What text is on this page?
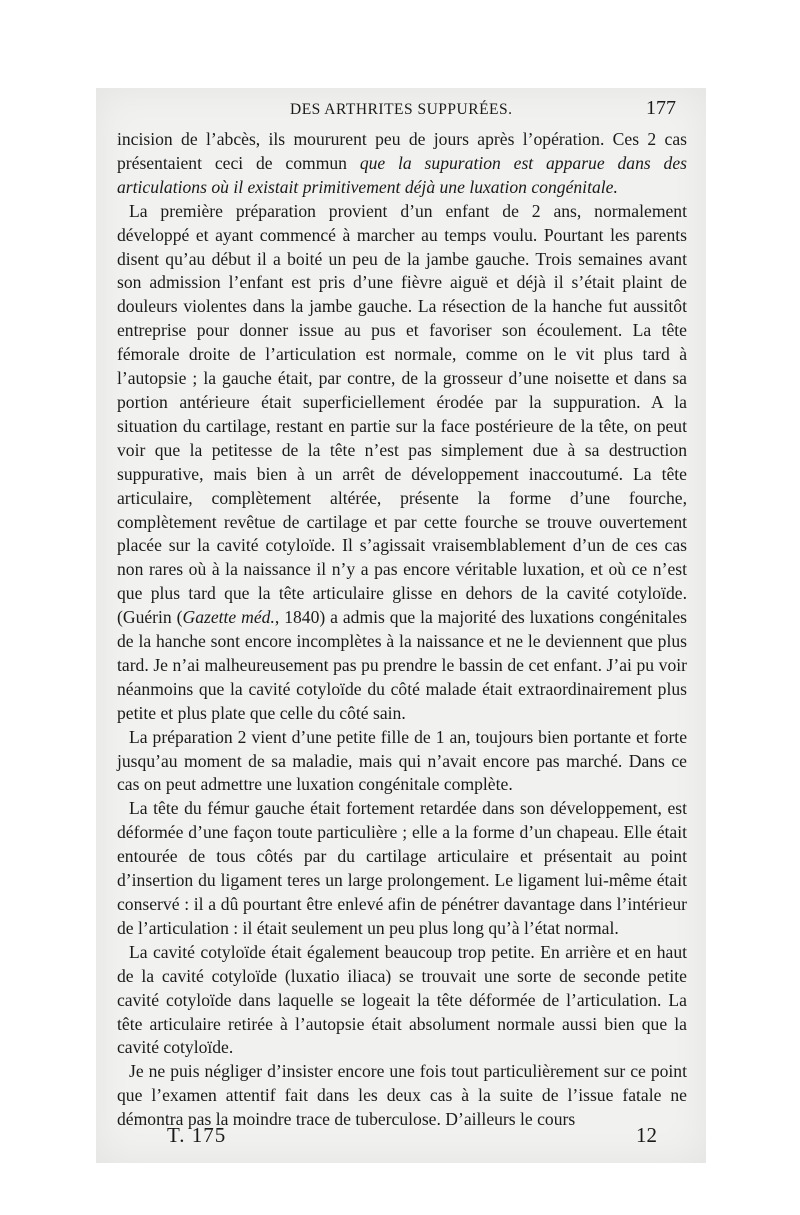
DES ARTHRITES SUPPURÉES.	177

incision de l’abcès, ils moururent peu de jours après l’opération. Ces 2 cas présentaient ceci de commun que la supuration est apparue dans des articulations où il existait primitivement déjà une luxation congénitale.

La première préparation provient d’un enfant de 2 ans, normalement développé et ayant commencé à marcher au temps voulu. Pourtant les parents disent qu’au début il a boité un peu de la jambe gauche. Trois semaines avant son admission l’enfant est pris d’une fièvre aiguë et déjà il s’était plaint de douleurs violentes dans la jambe gauche. La résection de la hanche fut aussitôt entreprise pour donner issue au pus et favoriser son écoulement. La tête fémorale droite de l’articulation est normale, comme on le vit plus tard à l’autopsie ; la gauche était, par contre, de la grosseur d’une noisette et dans sa portion antérieure était superficiellement érodée par la suppuration. A la situation du cartilage, restant en partie sur la face postérieure de la tête, on peut voir que la petitesse de la tête n’est pas simplement due à sa destruction suppurative, mais bien à un arrêt de développement inaccoutumé. La tête articulaire, complètement altérée, présente la forme d’une fourche, complètement revêtue de cartilage et par cette fourche se trouve ouvertement placée sur la cavité cotyloïde. Il s’agissait vraisemblablement d’un de ces cas non rares où à la naissance il n’y a pas encore véritable luxation, et où ce n’est que plus tard que la tête articulaire glisse en dehors de la cavité cotyloïde. (Guérin (Gazette méd., 1840) a admis que la majorité des luxations congénitales de la hanche sont encore incomplètes à la naissance et ne le deviennent que plus tard. Je n’ai malheureusement pas pu prendre le bassin de cet enfant. J’ai pu voir néanmoins que la cavité cotyloïde du côté malade était extraordinairement plus petite et plus plate que celle du côté sain.

La préparation 2 vient d’une petite fille de 1 an, toujours bien portante et forte jusqu’au moment de sa maladie, mais qui n’avait encore pas marché. Dans ce cas on peut admettre une luxation congénitale complète.

La tête du fémur gauche était fortement retardée dans son développement, est déformée d’une façon toute particulière ; elle a la forme d’un chapeau. Elle était entourée de tous côtés par du cartilage articulaire et présentait au point d’insertion du ligament teres un large prolongement. Le ligament lui-même était conservé : il a dû pourtant être enlevé afin de pénétrer davantage dans l’intérieur de l’articulation : il était seulement un peu plus long qu’à l’état normal.

La cavité cotyloïde était également beaucoup trop petite. En arrière et en haut de la cavité cotyloïde (luxatio iliaca) se trouvait une sorte de seconde petite cavité cotyloïde dans laquelle se logeait la tête déformée de l’articulation. La tête articulaire retirée à l’autopsie était absolument normale aussi bien que la cavité cotyloïde.

Je ne puis négliger d’insister encore une fois tout particulièrement sur ce point que l’examen attentif fait dans les deux cas à la suite de l’issue fatale ne démontra pas la moindre trace de tuberculose. D’ailleurs le cours

T. 175	12
